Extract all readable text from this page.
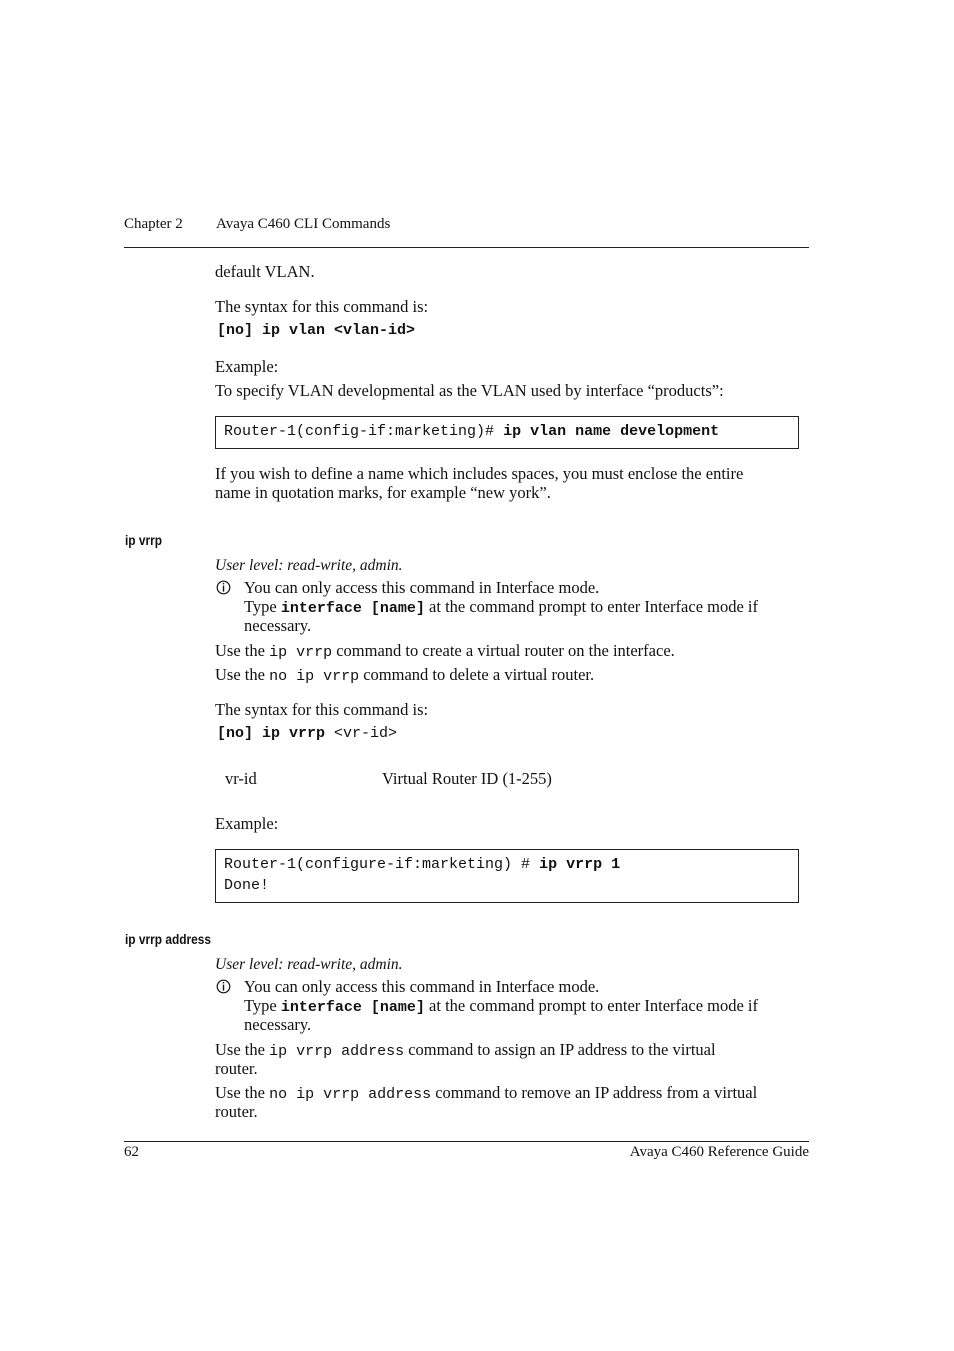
Chapter 2 Avaya C460 CLI Commands
default VLAN.
The syntax for this command is:
[no] ip vlan <vlan-id>
Example:
To specify VLAN developmental as the VLAN used by interface “products”:
Router-1(config-if:marketing)# ip vlan name development
If you wish to define a name which includes spaces, you must enclose the entire
name in quotation marks, for example “new york”.
ip vrrp
User level: read-write, admin.
You can only access this command in Interface mode.
Type interface [name] at the command prompt to enter Interface mode if
necessary.
Use the ip vrrp command to create a virtual router on the interface.
Use the no ip vrrp command to delete a virtual router.
The syntax for this command is:
[no] ip vrrp <vr-id>
vr-id	Virtual Router ID (1-255)
Example:
Router-1(configure-if:marketing) # ip vrrp 1
Done!
ip vrrp address
User level: read-write, admin.
You can only access this command in Interface mode.
Type interface [name] at the command prompt to enter Interface mode if
necessary.
Use the ip vrrp address command to assign an IP address to the virtual
router.
Use the no ip vrrp address command to remove an IP address from a virtual
router.
62	Avaya C460 Reference Guide
